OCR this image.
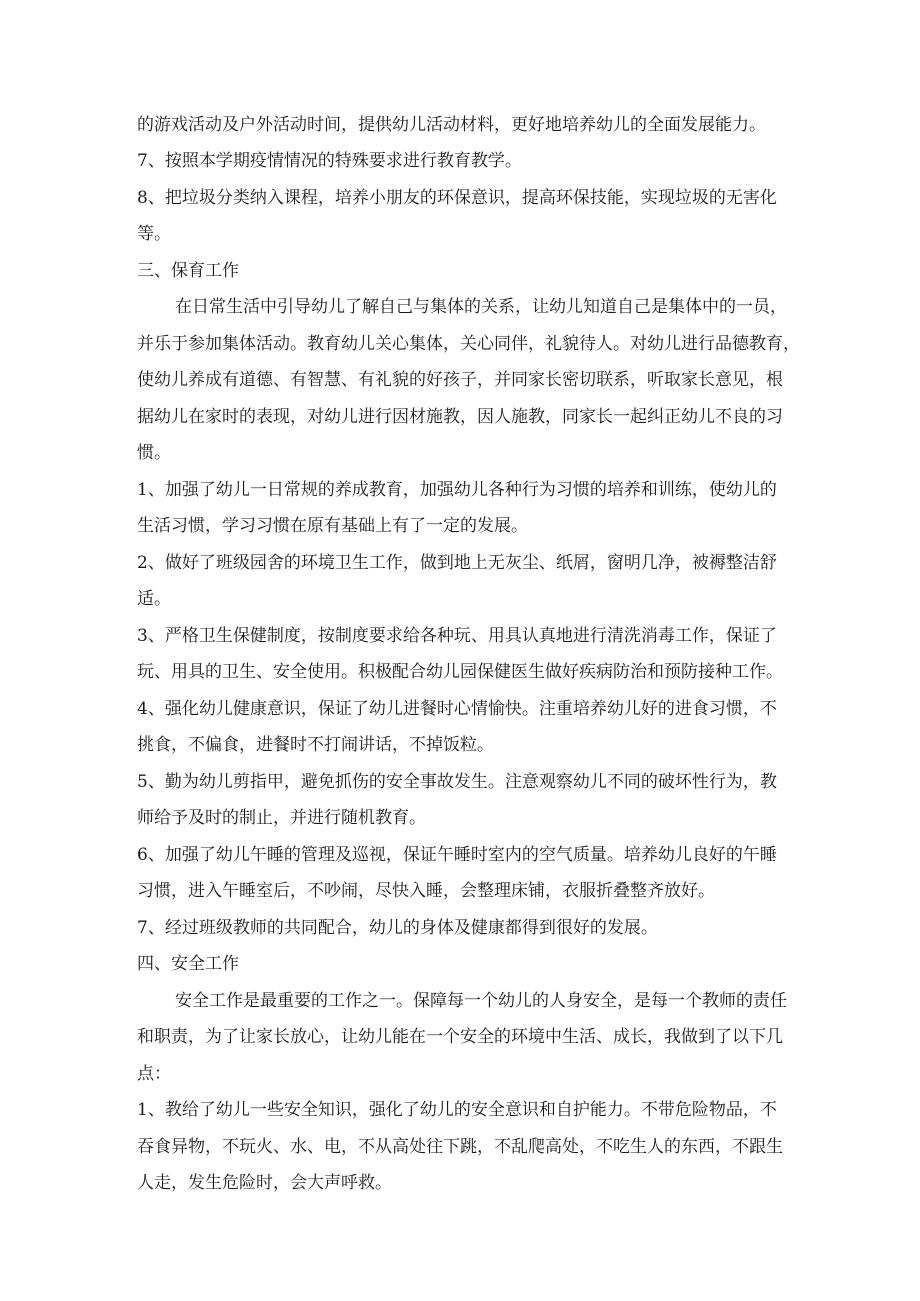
的游戏活动及户外活动时间，提供幼儿活动材料，更好地培养幼儿的全面发展能力。

7、按照本学期疫情情况的特殊要求进行教育教学。

8、把垃圾分类纳入课程，培养小朋友的环保意识，提高环保技能，实现垃圾的无害化

等。

三、保育工作

在日常生活中引导幼儿了解自己与集体的关系，让幼儿知道自己是集体中的一员，

并乐于参加集体活动。教育幼儿关心集体，关心同伴，礼貌待人。对幼儿进行品德教育，

使幼儿养成有道德、有智慧、有礼貌的好孩子，并同家长密切联系，听取家长意见，根

据幼儿在家时的表现，对幼儿进行因材施教，因人施教，同家长一起纠正幼儿不良的习

惯。

1、加强了幼儿一日常规的养成教育，加强幼儿各种行为习惯的培养和训练，使幼儿的

生活习惯，学习习惯在原有基础上有了一定的发展。

2、做好了班级园舍的环境卫生工作，做到地上无灰尘、纸屑，窗明几净，被褥整洁舒

适。

3、严格卫生保健制度，按制度要求给各种玩、用具认真地进行清洗消毒工作，保证了

玩、用具的卫生、安全使用。积极配合幼儿园保健医生做好疾病防治和预防接种工作。

4、强化幼儿健康意识，保证了幼儿进餐时心情愉快。注重培养幼儿好的进食习惯，不

挑食，不偏食，进餐时不打闹讲话，不掉饭粒。

5、勤为幼儿剪指甲，避免抓伤的安全事故发生。注意观察幼儿不同的破坏性行为，教

师给予及时的制止，并进行随机教育。

6、加强了幼儿午睡的管理及巡视，保证午睡时室内的空气质量。培养幼儿良好的午睡

习惯，进入午睡室后，不吵闹，尽快入睡，会整理床铺，衣服折叠整齐放好。

7、经过班级教师的共同配合，幼儿的身体及健康都得到很好的发展。

四、安全工作

安全工作是最重要的工作之一。保障每一个幼儿的人身安全，是每一个教师的责任

和职责，为了让家长放心，让幼儿能在一个安全的环境中生活、成长，我做到了以下几

点：

1、教给了幼儿一些安全知识，强化了幼儿的安全意识和自护能力。不带危险物品，不

吞食异物，不玩火、水、电，不从高处往下跳，不乱爬高处，不吃生人的东西，不跟生

人走，发生危险时，会大声呼救。
